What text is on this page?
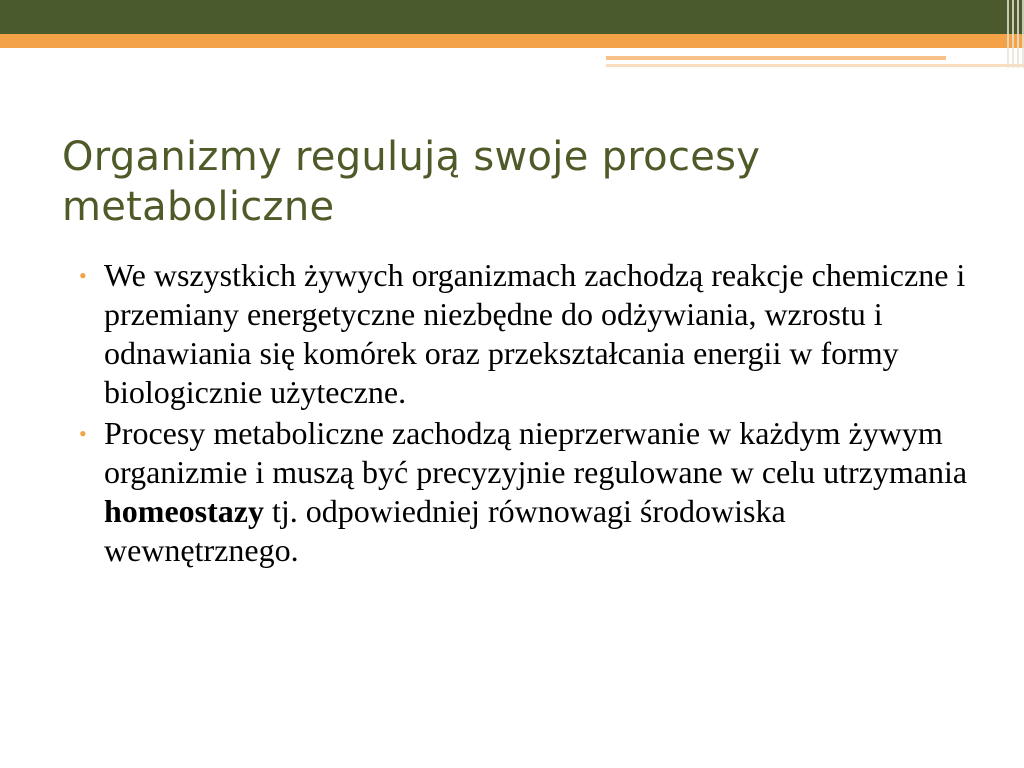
Organizmy regulują swoje procesy metaboliczne
• We wszystkich żywych organizmach zachodzą reakcje chemiczne i przemiany energetyczne niezbędne do odżywiania, wzrostu i odnawiania się komórek oraz przekształcania energii w formy biologicznie użyteczne.
• Procesy metaboliczne zachodzą nieprzerwanie w każdym żywym organizmie i muszą być precyzyjnie regulowane w celu utrzymania homeostazy tj. odpowiedniej równowagi środowiska wewnętrznego.
